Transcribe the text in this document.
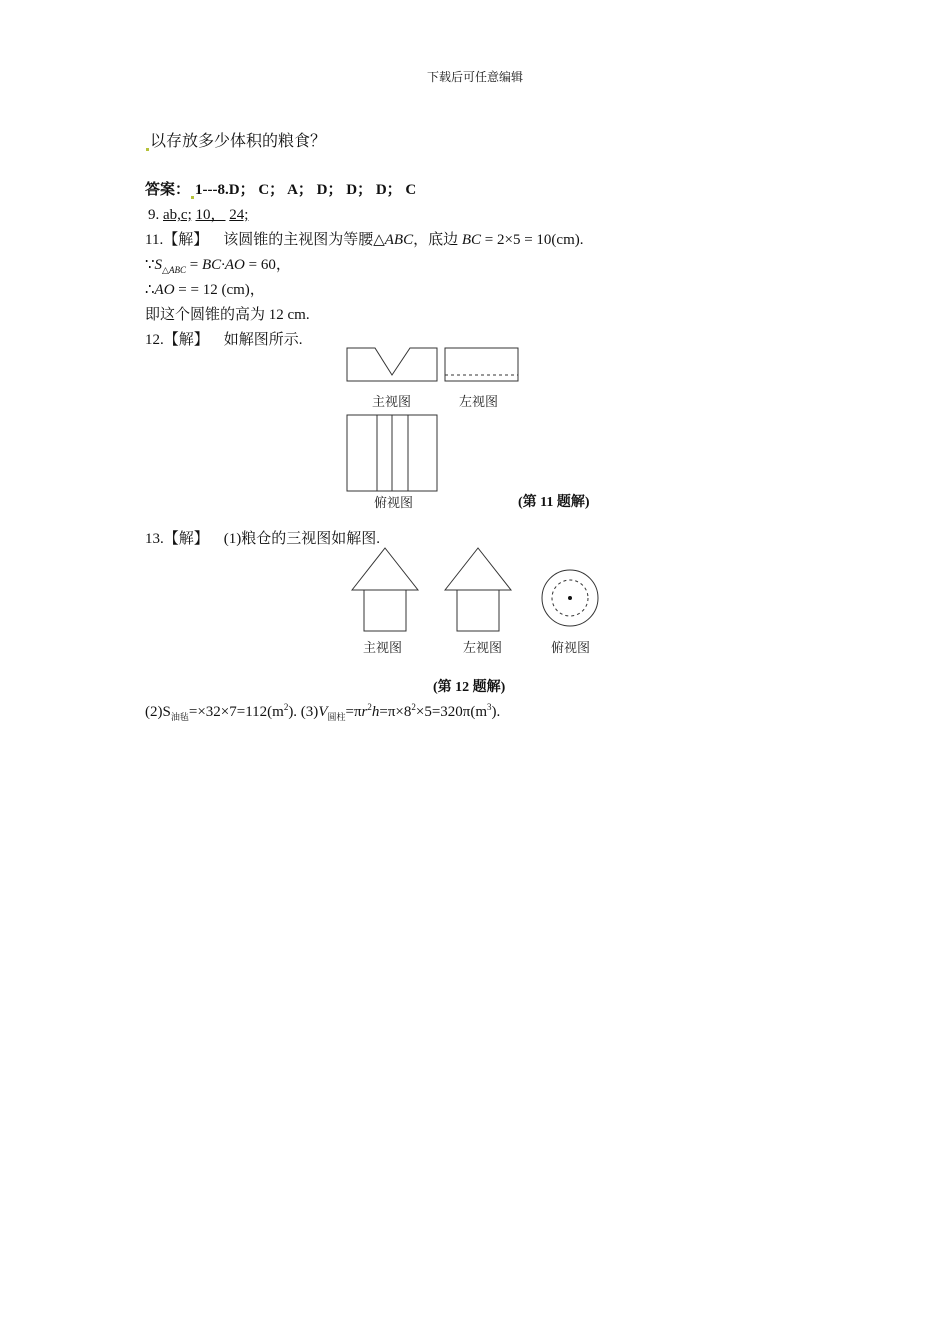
下载后可任意编辑
以存放多少体积的粮食？
答案： 1---8.D； C； A； D； D； D； C
9. ab,c; 10， 24;
11.【解】 该圆锥的主视图为等腰△ABC，底边 BC = 2×5 = 10(cm).
$\because S_{\triangle ABC} = BC\cdot AO = 60$，
∴AO = = 12 (cm)，
即这个圆锥的高为 12 cm.
12.【解】 如解图所示.
主视图	左视图
俯视图	(第 11 题解)
13.【解】 (1)粮仓的三视图如解图.
主视图	左视图	俯视图
(第 12 题解)
$(2)S_{油毡}=\times 32\times 7=112(m^2)$. $(3)V_{圆柱}=\pi r^2h=\pi\times 8^2\times 5=320\pi(m^3)$.
